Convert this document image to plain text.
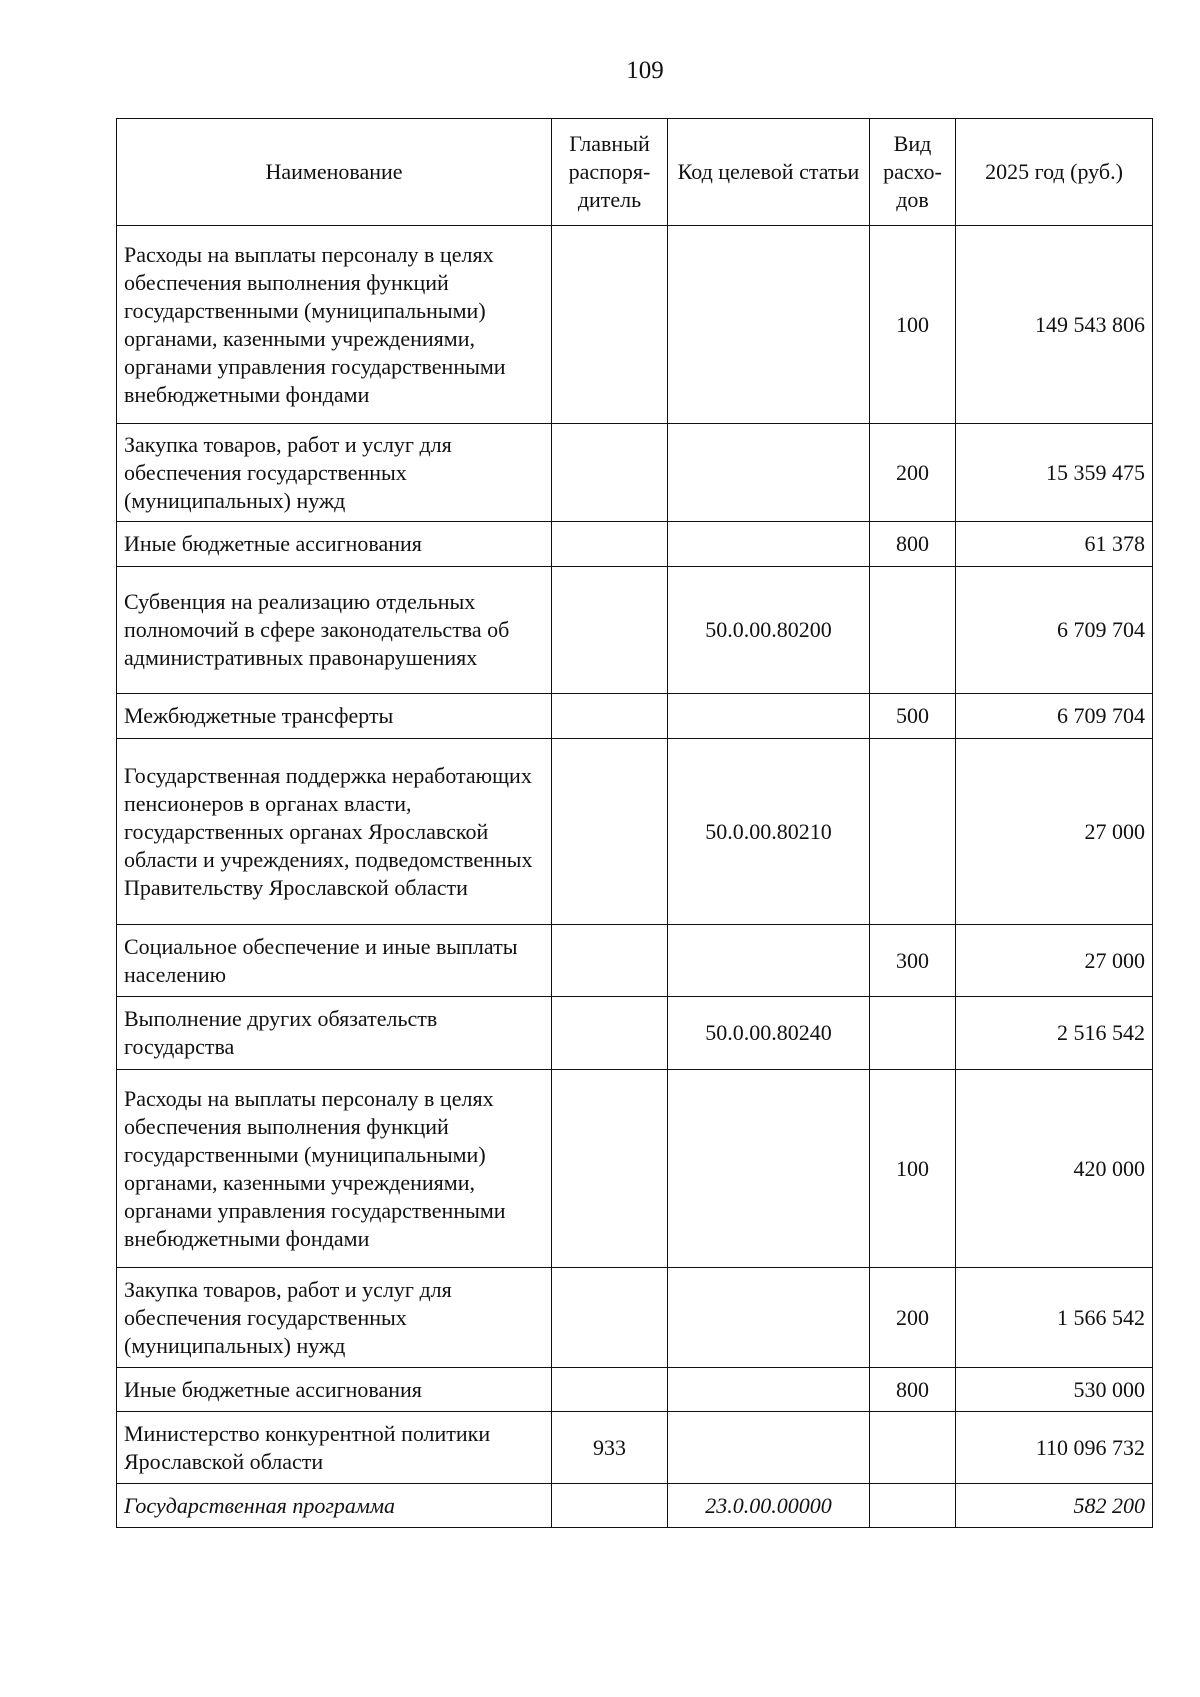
109
Наименование	Главный распоря-дитель	Код целевой статьи	Вид расхо-дов	2025 год (руб.)
Расходы на выплаты персоналу в целях обеспечения выполнения функций государственными (муниципальными) органами, казенными учреждениями, органами управления государственными внебюджетными фондами			100	149 543 806
Закупка товаров, работ и услуг для обеспечения государственных (муниципальных) нужд			200	15 359 475
Иные бюджетные ассигнования			800	61 378
Субвенция на реализацию отдельных полномочий в сфере законодательства об административных правонарушениях		50.0.00.80200		6 709 704
Межбюджетные трансферты			500	6 709 704
Государственная поддержка неработающих пенсионеров в органах власти, государственных органах Ярославской области и учреждениях, подведомственных Правительству Ярославской области		50.0.00.80210		27 000
Социальное обеспечение и иные выплаты населению			300	27 000
Выполнение других обязательств государства		50.0.00.80240		2 516 542
Расходы на выплаты персоналу в целях обеспечения выполнения функций государственными (муниципальными) органами, казенными учреждениями, органами управления государственными внебюджетными фондами			100	420 000
Закупка товаров, работ и услуг для обеспечения государственных (муниципальных) нужд			200	1 566 542
Иные бюджетные ассигнования			800	530 000
Министерство конкурентной политики Ярославской области	933			110 096 732
Государственная программа		23.0.00.00000		582 200
